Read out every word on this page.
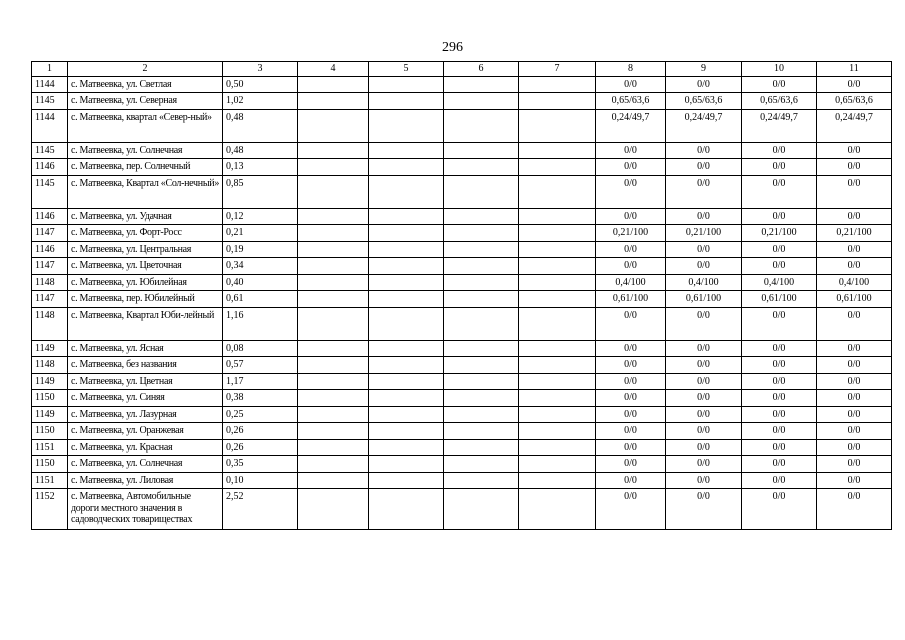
296
1	2	3	4	5	6	7	8	9	10	11
1144	с. Матвеевка, ул. Светлая	0,50					0/0	0/0	0/0	0/0
1145	с. Матвеевка, ул. Северная	1,02					0,65/63,6	0,65/63,6	0,65/63,6	0,65/63,6
1144	с. Матвеевка, квартал «Север-ный»	0,48					0,24/49,7	0,24/49,7	0,24/49,7	0,24/49,7
1145	с. Матвеевка, ул. Солнечная	0,48					0/0	0/0	0/0	0/0
1146	с. Матвеевка, пер. Солнечный	0,13					0/0	0/0	0/0	0/0
1145	с. Матвеевка, Квартал «Сол-нечный»	0,85					0/0	0/0	0/0	0/0
1146	с. Матвеевка, ул. Удачная	0,12					0/0	0/0	0/0	0/0
1147	с. Матвеевка, ул. Форт-Росс	0,21					0,21/100	0,21/100	0,21/100	0,21/100
1146	с. Матвеевка, ул. Центральная	0,19					0/0	0/0	0/0	0/0
1147	с. Матвеевка, ул. Цветочная	0,34					0/0	0/0	0/0	0/0
1148	с. Матвеевка, ул. Юбилейная	0,40					0,4/100	0,4/100	0,4/100	0,4/100
1147	с. Матвеевка, пер. Юбилейный	0,61					0,61/100	0,61/100	0,61/100	0,61/100
1148	с. Матвеевка, Квартал Юби-лейный	1,16					0/0	0/0	0/0	0/0
1149	с. Матвеевка, ул. Ясная	0,08					0/0	0/0	0/0	0/0
1148	с. Матвеевка, без названия	0,57					0/0	0/0	0/0	0/0
1149	с. Матвеевка, ул. Цветная	1,17					0/0	0/0	0/0	0/0
1150	с. Матвеевка, ул. Синяя	0,38					0/0	0/0	0/0	0/0
1149	с. Матвеевка, ул. Лазурная	0,25					0/0	0/0	0/0	0/0
1150	с. Матвеевка, ул. Оранжевая	0,26					0/0	0/0	0/0	0/0
1151	с. Матвеевка, ул. Красная	0,26					0/0	0/0	0/0	0/0
1150	с. Матвеевка, ул. Солнечная	0,35					0/0	0/0	0/0	0/0
1151	с. Матвеевка, ул. Лиловая	0,10					0/0	0/0	0/0	0/0
1152	с. Матвеевка, Автомобильные дороги местного значения в садоводческих товариществах	2,52					0/0	0/0	0/0	0/0
